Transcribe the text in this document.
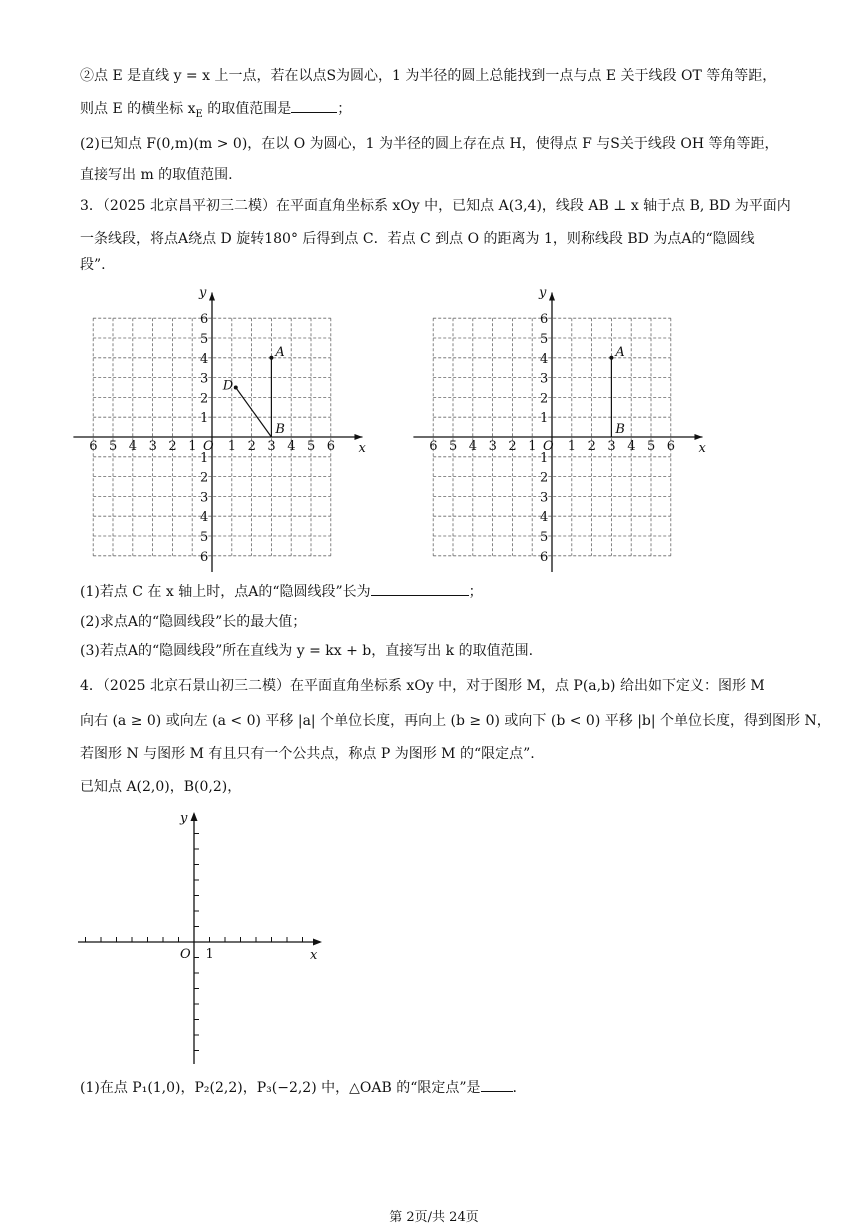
②点 E 是直线 y = x 上一点，若在以点S为圆心，1 为半径的圆上总能找到一点与点 E 关于线段 OT 等角等距，
则点 E 的横坐标 $x_E$ 的取值范围是	；
(2)已知点 F(0,m)(m > 0)，在以 O 为圆心，1 为半径的圆上存在点 H，使得点 F 与S关于线段 OH 等角等距，
直接写出 m 的取值范围.
3．（2025 北京昌平初三二模）在平面直角坐标系 xOy 中，已知点 A(3,4)，线段 AB ⊥ x 轴于点 B, BD 为平面内
一条线段，将点A绕点 D 旋转180° 后得到点 C．若点 C 到点 O 的距离为 1，则称线段 BD 为点A的“隐圆线
段”.
6 5 4 3 2 1 1 2 3 4 5 6
6
5
4
3
2
1
1
2
3
4
5
6
O	x
y
A
B
D
6 5 4 3 2 1 1 2 3 4 5 6
6
5
4
3
2
1
1
2
3
4
5
6
O	x
y
A
B
(1)若点 C 在 x 轴上时，点A的“隐圆线段”长为	；
(2)求点A的“隐圆线段”长的最大值；
(3)若点A的“隐圆线段”所在直线为 y = kx + b，直接写出 k 的取值范围.
4．（2025 北京石景山初三二模）在平面直角坐标系 xOy 中，对于图形 M，点 P(a,b) 给出如下定义：图形 M
向右 (a ≥ 0) 或向左 (a < 0) 平移 |a| 个单位长度，再向上 (b ≥ 0) 或向下 (b < 0) 平移 |b| 个单位长度，得到图形 N，
若图形 N 与图形 M 有且只有一个公共点，称点 P 为图形 M 的“限定点”.
已知点 A(2,0)，B(0,2)，
O 1	x
y
(1)在点 P₁(1,0)，P₂(2,2)，P₃(−2,2) 中，△OAB 的“限定点”是 .
第 2页/共 24页
